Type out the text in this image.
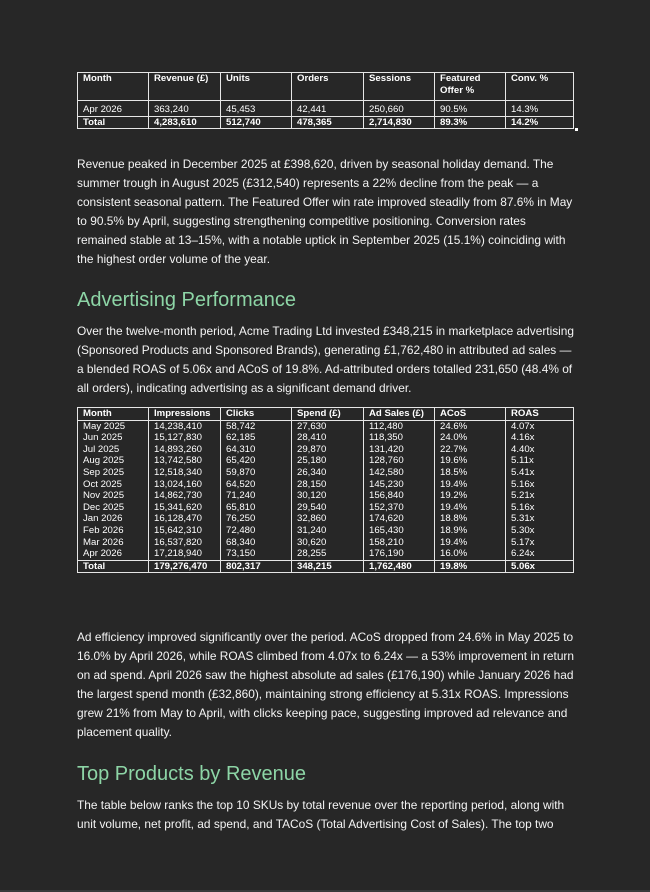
Month	Revenue (£)	Units	Orders	Sessions	Featured Offer %	Conv. %

Apr 2026	363,240	45,453	42,441	250,660	90.5%	14.3%
Total	4,283,610	512,740	478,365	2,714,830	89.3%	14.2%

Revenue peaked in December 2025 at £398,620, driven by seasonal holiday demand. The summer trough in August 2025 (£312,540) represents a 22% decline from the peak — a consistent seasonal pattern. The Featured Offer win rate improved steadily from 87.6% in May to 90.5% by April, suggesting strengthening competitive positioning. Conversion rates remained stable at 13–15%, with a notable uptick in September 2025 (15.1%) coinciding with the highest order volume of the year.

Advertising Performance

Over the twelve-month period, Acme Trading Ltd invested £348,215 in marketplace advertising (Sponsored Products and Sponsored Brands), generating £1,762,480 in attributed ad sales — a blended ROAS of 5.06x and ACoS of 19.8%. Ad-attributed orders totalled 231,650 (48.4% of all orders), indicating advertising as a significant demand driver.

Month	Impressions	Clicks	Spend (£)	Ad Sales (£)	ACoS	ROAS
May 2025	14,238,410	58,742	27,630	112,480	24.6%	4.07x
Jun 2025	15,127,830	62,185	28,410	118,350	24.0%	4.16x
Jul 2025	14,893,260	64,310	29,870	131,420	22.7%	4.40x
Aug 2025	13,742,580	65,420	25,180	128,760	19.6%	5.11x
Sep 2025	12,518,340	59,870	26,340	142,580	18.5%	5.41x
Oct 2025	13,024,160	64,520	28,150	145,230	19.4%	5.16x
Nov 2025	14,862,730	71,240	30,120	156,840	19.2%	5.21x
Dec 2025	15,341,620	65,810	29,540	152,370	19.4%	5.16x
Jan 2026	16,128,470	76,250	32,860	174,620	18.8%	5.31x
Feb 2026	15,642,310	72,480	31,240	165,430	18.9%	5.30x
Mar 2026	16,537,820	68,340	30,620	158,210	19.4%	5.17x
Apr 2026	17,218,940	73,150	28,255	176,190	16.0%	6.24x
Total	179,276,470	802,317	348,215	1,762,480	19.8%	5.06x

Ad efficiency improved significantly over the period. ACoS dropped from 24.6% in May 2025 to 16.0% by April 2026, while ROAS climbed from 4.07x to 6.24x — a 53% improvement in return on ad spend. April 2026 saw the highest absolute ad sales (£176,190) while January 2026 had the largest spend month (£32,860), maintaining strong efficiency at 5.31x ROAS. Impressions grew 21% from May to April, with clicks keeping pace, suggesting improved ad relevance and placement quality.

Top Products by Revenue

The table below ranks the top 10 SKUs by total revenue over the reporting period, along with unit volume, net profit, ad spend, and TACoS (Total Advertising Cost of Sales). The top two
